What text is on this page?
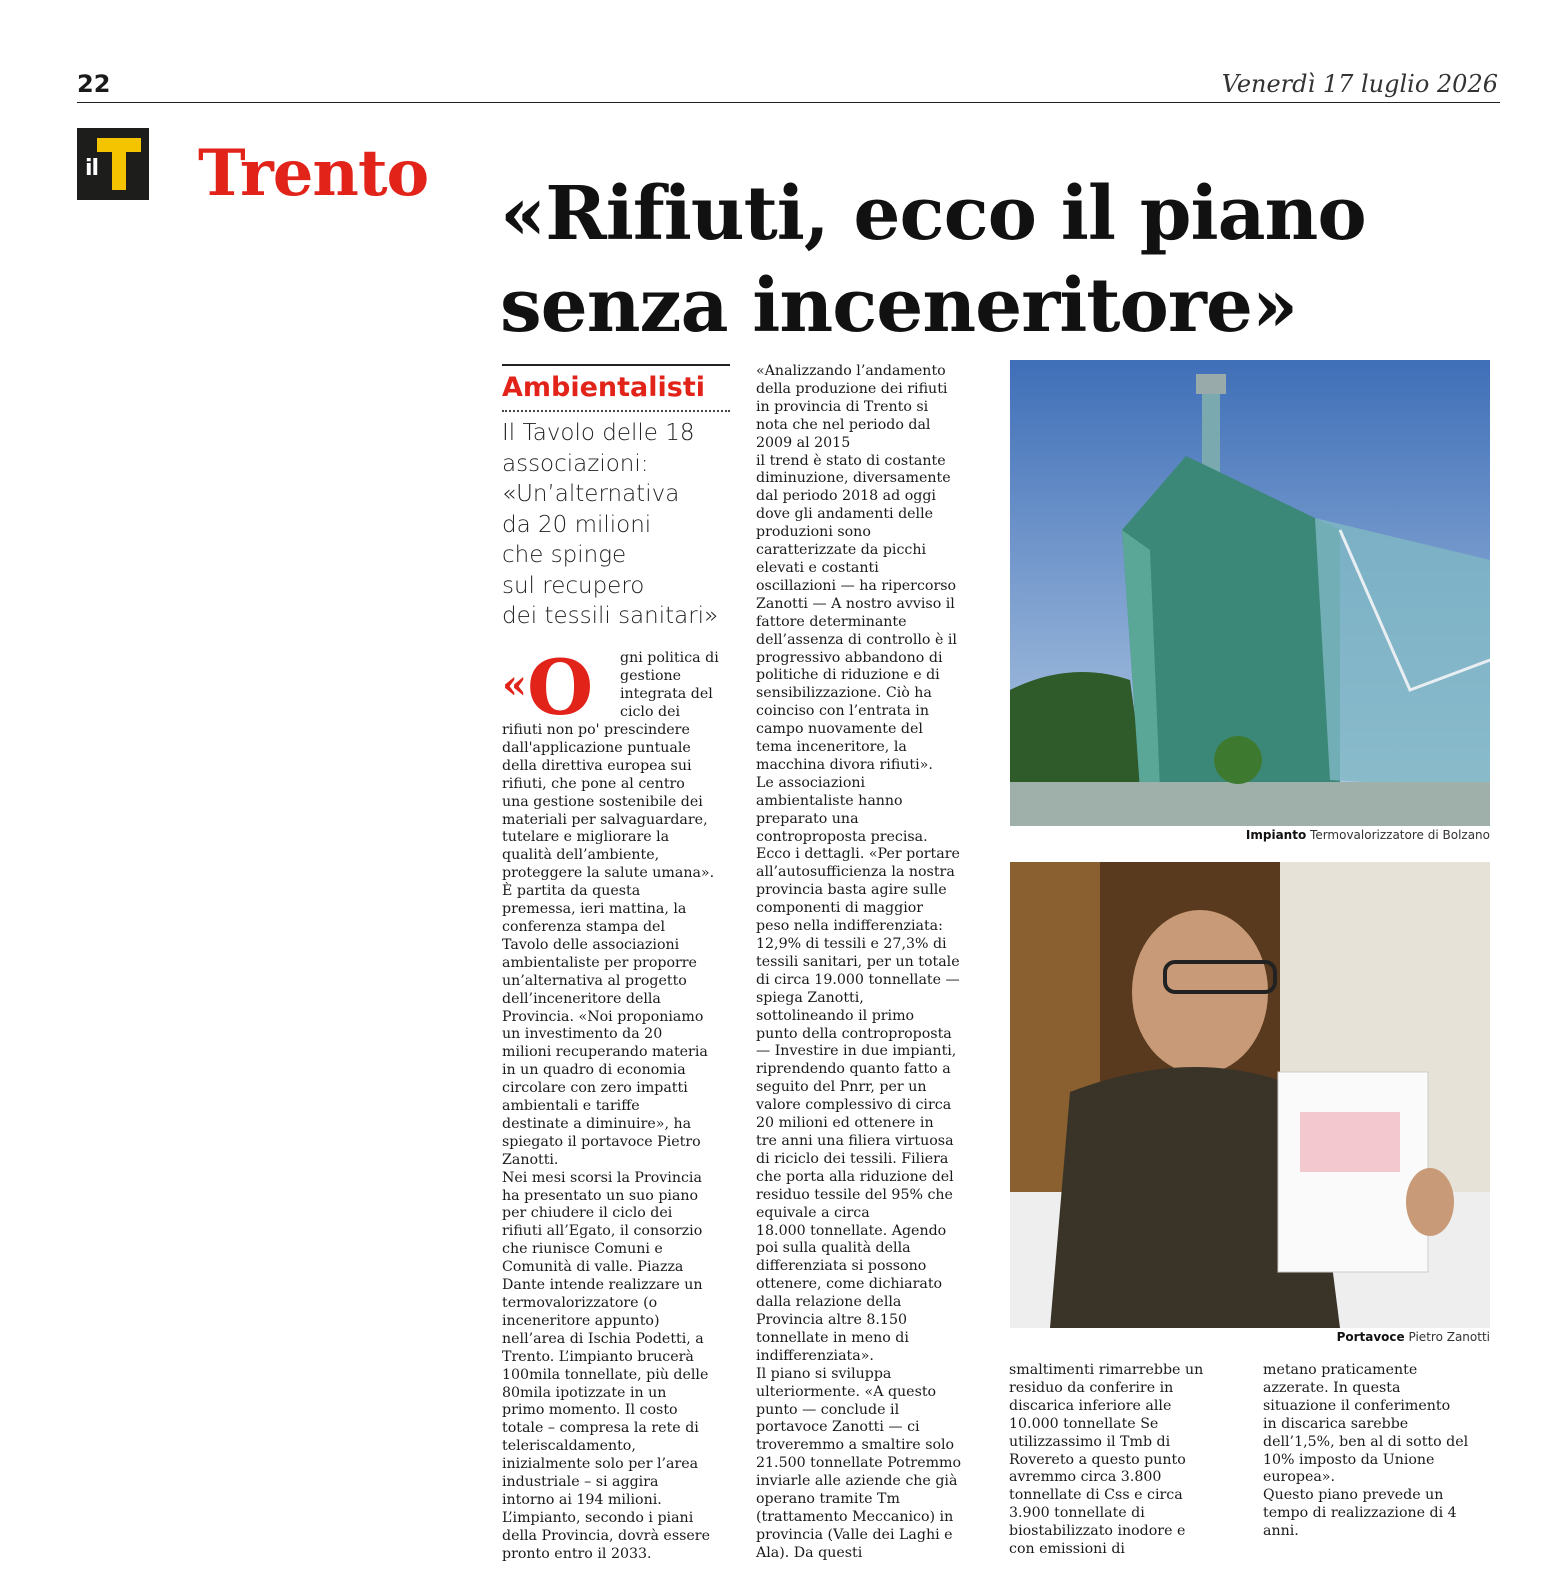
22	Venerdì 17 luglio 2026
il Trento «Rifiuti, ecco il piano
senza inceneritore»
Ambientalisti
Il Tavolo delle 18
associazioni:
«Un’alternativa
da 20 milioni
che spinge
sul recupero
dei tessili sanitari»
«O gni politica di
gestione
integrata del
ciclo dei
rifiuti non po' prescindere
dall'applicazione puntuale
della direttiva europea sui
rifiuti, che pone al centro
una gestione sostenibile dei
materiali per salvaguardare,
tutelare e migliorare la
qualità dell’ambiente,
proteggere la salute umana».
È partita da questa
premessa, ieri mattina, la
conferenza stampa del
Tavolo delle associazioni
ambientaliste per proporre
un’alternativa al progetto
dell’inceneritore della
Provincia. «Noi proponiamo
un investimento da 20
milioni recuperando materia
in un quadro di economia
circolare con zero impatti
ambientali e tariffe
destinate a diminuire», ha
spiegato il portavoce Pietro
Zanotti.
Nei mesi scorsi la Provincia
ha presentato un suo piano
per chiudere il ciclo dei
rifiuti all’Egato, il consorzio
che riunisce Comuni e
Comunità di valle. Piazza
Dante intende realizzare un
termovalorizzatore (o
inceneritore appunto)
nell’area di Ischia Podetti, a
Trento. L’impianto brucerà
100mila tonnellate, più delle
80mila ipotizzate in un
primo momento. Il costo
totale – compresa la rete di
teleriscaldamento,
inizialmente solo per l’area
industriale – si aggira
intorno ai 194 milioni.
L’impianto, secondo i piani
della Provincia, dovrà essere
pronto entro il 2033.
«Analizzando l’andamento
della produzione dei rifiuti
in provincia di Trento si
nota che nel periodo dal
2009 al 2015
il trend è stato di costante
diminuzione, diversamente
dal periodo 2018 ad oggi
dove gli andamenti delle
produzioni sono
caratterizzate da picchi
elevati e costanti
oscillazioni — ha ripercorso
Zanotti — A nostro avviso il
fattore determinante
dell’assenza di controllo è il
progressivo abbandono di
politiche di riduzione e di
sensibilizzazione. Ciò ha
coinciso con l’entrata in
campo nuovamente del
tema inceneritore, la
macchina divora rifiuti».
Le associazioni
ambientaliste hanno
preparato una
controproposta precisa.
Ecco i dettagli. «Per portare
all’autosufficienza la nostra
provincia basta agire sulle
componenti di maggior
peso nella indifferenziata:
12,9% di tessili e 27,3% di
tessili sanitari, per un totale
di circa 19.000 tonnellate —
spiega Zanotti,
sottolineando il primo
punto della controproposta
— Investire in due impianti,
riprendendo quanto fatto a
seguito del Pnrr, per un
valore complessivo di circa
20 milioni ed ottenere in
tre anni una filiera virtuosa
di riciclo dei tessili. Filiera
che porta alla riduzione del
residuo tessile del 95% che
equivale a circa
18.000 tonnellate. Agendo
poi sulla qualità della
differenziata si possono
ottenere, come dichiarato
dalla relazione della
Provincia altre 8.150
tonnellate in meno di
indifferenziata».
Il piano si sviluppa
ulteriormente. «A questo
punto — conclude il
portavoce Zanotti — ci
troveremmo a smaltire solo
21.500 tonnellate Potremmo
inviarle alle aziende che già
operano tramite Tm
(trattamento Meccanico) in
provincia (Valle dei Laghi e
Ala). Da questi
smaltimenti rimarrebbe un
residuo da conferire in
discarica inferiore alle
10.000 tonnellate Se
utilizzassimo il Tmb di
Rovereto a questo punto
avremmo circa 3.800
tonnellate di Css e circa
3.900 tonnellate di
biostabilizzato inodore e
con emissioni di
metano praticamente
azzerate. In questa
situazione il conferimento
in discarica sarebbe
dell’1,5%, ben al di sotto del
10% imposto da Unione
europea».
Questo piano prevede un
tempo di realizzazione di 4
anni.
Impianto Termovalorizzatore di Bolzano
Portavoce Pietro Zanotti
